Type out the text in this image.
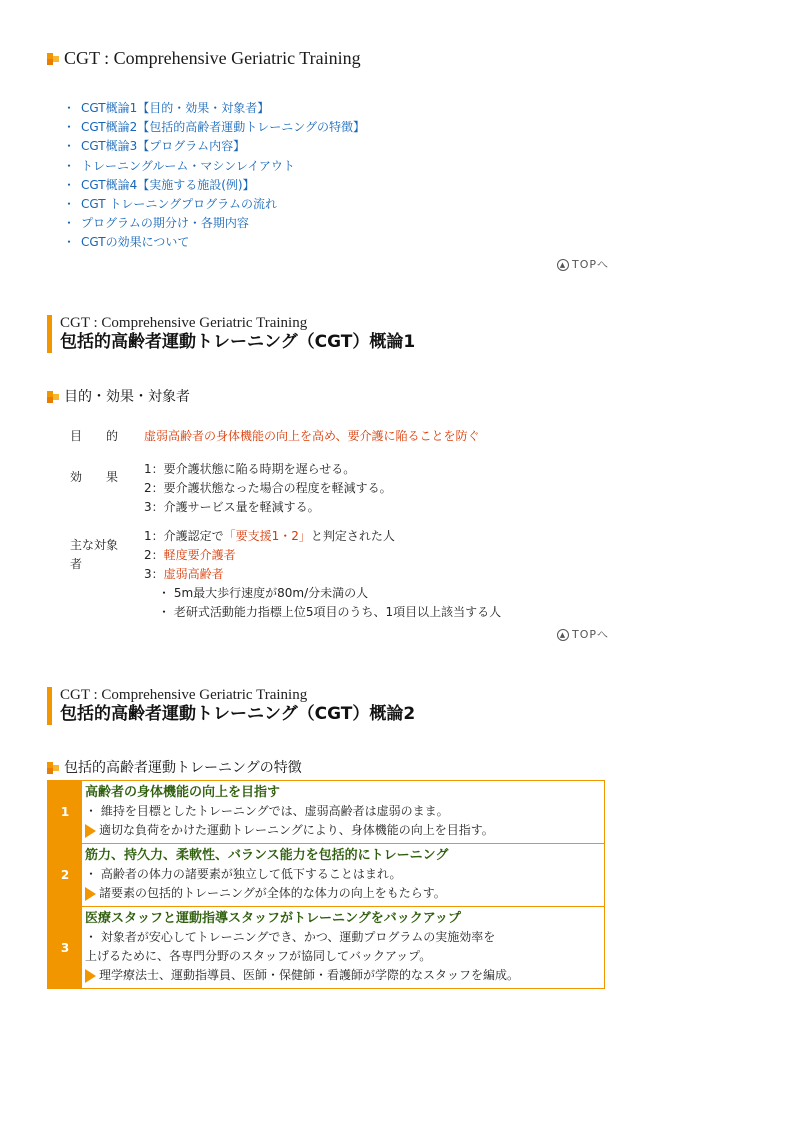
CGT : Comprehensive Geriatric Training
・ CGT概論1【目的・効果・対象者】
・ CGT概論2【包括的高齢者運動トレーニングの特徴】
・ CGT概論3【プログラム内容】
・ トレーニングルーム・マシンレイアウト
・ CGT概論4【実施する施設(例)】
・ CGT トレーニングプログラムの流れ
・ プログラムの期分け・各期内容
・ CGTの効果について
▲ TOPへ
CGT : Comprehensive Geriatric Training
包括的高齢者運動トレーニング（CGT）概論1
目的・効果・対象者
目　　的 虚弱高齢者の身体機能の向上を高め、要介護に陥ることを防ぐ
効　　果
1：要介護状態に陥る時期を遅らせる。
2：要介護状態なった場合の程度を軽減する。
3：介護サービス量を軽減する。
主な対象
者
1：介護認定で「要支援1・2」と判定された人
2：軽度要介護者
3：虚弱高齢者
・ 5m最大歩行速度が80m/分未満の人
・ 老研式活動能力指標上位5項目のうち、1項目以上該当する人
▲ TOPへ
CGT : Comprehensive Geriatric Training
包括的高齢者運動トレーニング（CGT）概論2
包括的高齢者運動トレーニングの特徴
1
高齢者の身体機能の向上を目指す
・ 維持を目標としたトレーニングでは、虚弱高齢者は虚弱のまま。
適切な負荷をかけた運動トレーニングにより、身体機能の向上を目指す。
2
筋力、持久力、柔軟性、バランス能力を包括的にトレーニング
・ 高齢者の体力の諸要素が独立して低下することはまれ。
諸要素の包括的トレーニングが全体的な体力の向上をもたらす。
3
医療スタッフと運動指導スタッフがトレーニングをバックアップ
・ 対象者が安心してトレーニングでき、かつ、運動プログラムの実施効率を
上げるために、各専門分野のスタッフが協同してバックアップ。
理学療法士、運動指導員、医師・保健師・看護師が学際的なスタッフを編成。
